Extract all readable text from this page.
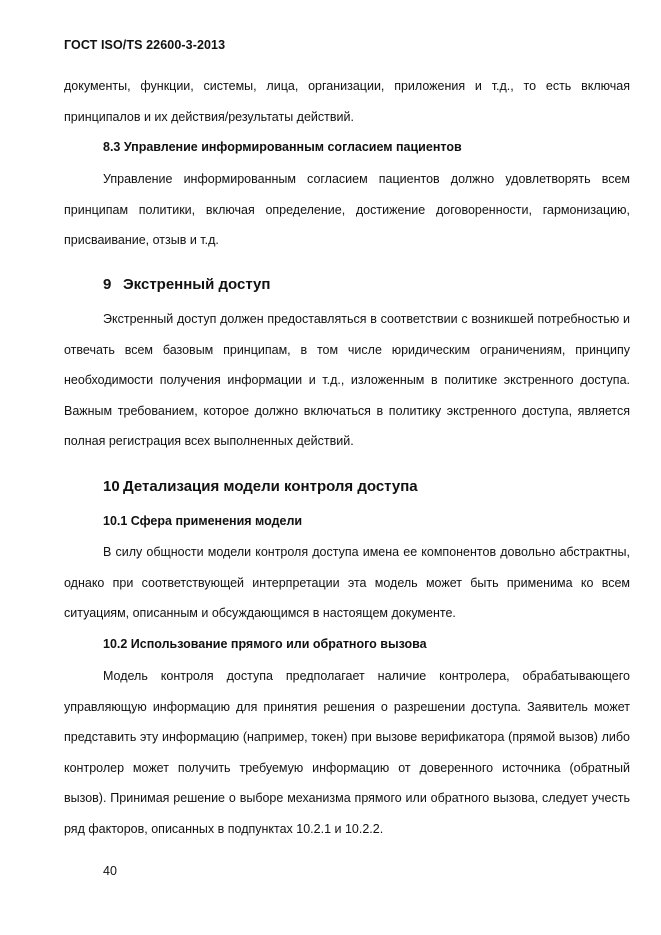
ГОСТ ISO/TS 22600-3-2013

документы, функции, системы, лица, организации, приложения и т.д., то есть включая принципалов и их действия/результаты действий.

8.3 Управление информированным согласием пациентов

Управление информированным согласием пациентов должно удовлетворять всем принципам политики, включая определение, достижение договоренности, гармонизацию, присваивание, отзыв и т.д.

9 Экстренный доступ

Экстренный доступ должен предоставляться в соответствии с возникшей потребностью и отвечать всем базовым принципам, в том числе юридическим ограничениям, принципу необходимости получения информации и т.д., изложенным в политике экстренного доступа. Важным требованием, которое должно включаться в политику экстренного доступа, является полная регистрация всех выполненных действий.

10 Детализация модели контроля доступа
10.1 Сфера применения модели

В силу общности модели контроля доступа имена ее компонентов довольно абстрактны, однако при соответствующей интерпретации эта модель может быть применима ко всем ситуациям, описанным и обсуждающимся в настоящем документе.

10.2 Использование прямого или обратного вызова

Модель контроля доступа предполагает наличие контролера, обрабатывающего управляющую информацию для принятия решения о разрешении доступа. Заявитель может представить эту информацию (например, токен) при вызове верификатора (прямой вызов) либо контролер может получить требуемую информацию от доверенного источника (обратный вызов). Принимая решение о выборе механизма прямого или обратного вызова, следует учесть ряд факторов, описанных в подпунктах 10.2.1 и 10.2.2.

40
